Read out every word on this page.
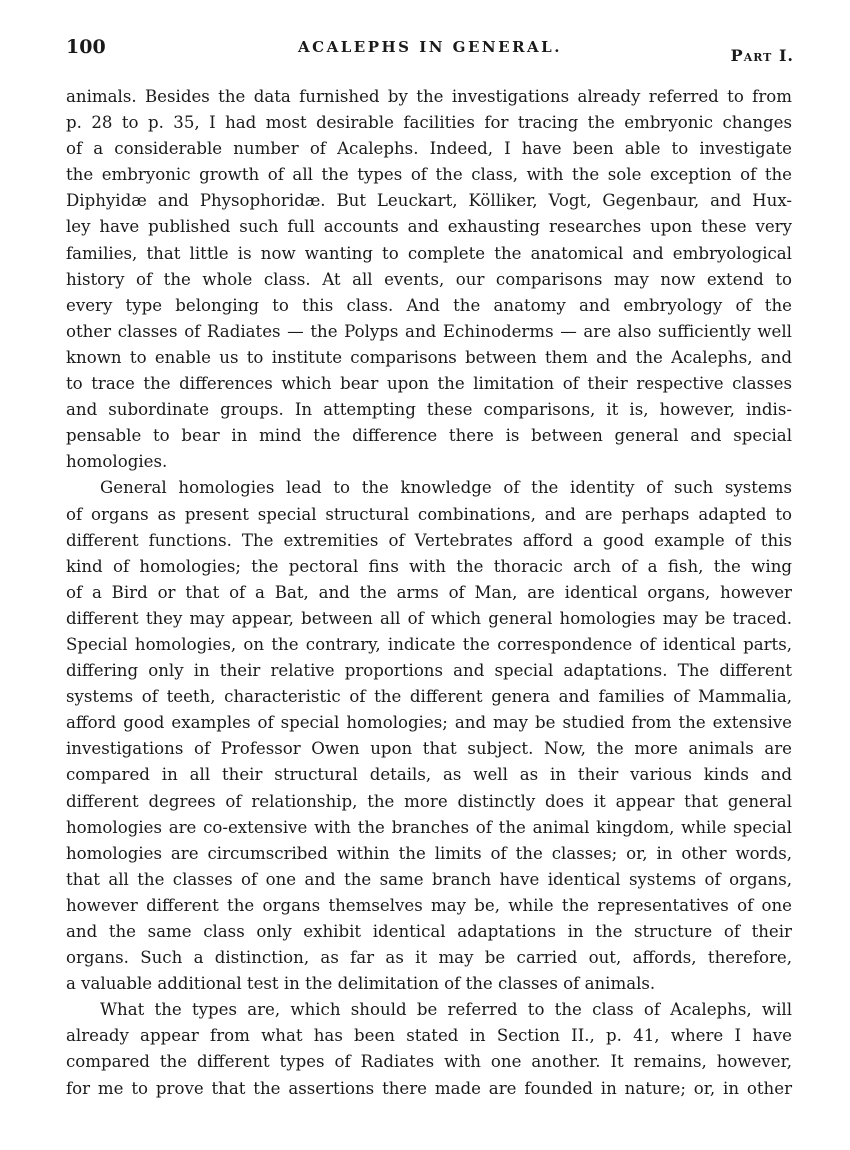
100	ACALEPHS IN GENERAL.	Part I.
animals. Besides the data furnished by the investigations already referred to from
p. 28 to p. 35, I had most desirable facilities for tracing the embryonic changes
of a considerable number of Acalephs. Indeed, I have been able to investigate
the embryonic growth of all the types of the class, with the sole exception of the
Diphyidæ and Physophoridæ. But Leuckart, Kölliker, Vogt, Gegenbaur, and Hux-
ley have published such full accounts and exhausting researches upon these very
families, that little is now wanting to complete the anatomical and embryological
history of the whole class. At all events, our comparisons may now extend to
every type belonging to this class. And the anatomy and embryology of the
other classes of Radiates — the Polyps and Echinoderms — are also sufficiently well
known to enable us to institute comparisons between them and the Acalephs, and
to trace the differences which bear upon the limitation of their respective classes
and subordinate groups. In attempting these comparisons, it is, however, indis-
pensable to bear in mind the difference there is between general and special
homologies.
General homologies lead to the knowledge of the identity of such systems
of organs as present special structural combinations, and are perhaps adapted to
different functions. The extremities of Vertebrates afford a good example of this
kind of homologies; the pectoral fins with the thoracic arch of a fish, the wing
of a Bird or that of a Bat, and the arms of Man, are identical organs, however
different they may appear, between all of which general homologies may be traced.
Special homologies, on the contrary, indicate the correspondence of identical parts,
differing only in their relative proportions and special adaptations. The different
systems of teeth, characteristic of the different genera and families of Mammalia,
afford good examples of special homologies; and may be studied from the extensive
investigations of Professor Owen upon that subject. Now, the more animals are
compared in all their structural details, as well as in their various kinds and
different degrees of relationship, the more distinctly does it appear that general
homologies are co-extensive with the branches of the animal kingdom, while special
homologies are circumscribed within the limits of the classes; or, in other words,
that all the classes of one and the same branch have identical systems of organs,
however different the organs themselves may be, while the representatives of one
and the same class only exhibit identical adaptations in the structure of their
organs. Such a distinction, as far as it may be carried out, affords, therefore,
a valuable additional test in the delimitation of the classes of animals.
What the types are, which should be referred to the class of Acalephs, will
already appear from what has been stated in Section II., p. 41, where I have
compared the different types of Radiates with one another. It remains, however,
for me to prove that the assertions there made are founded in nature; or, in other
